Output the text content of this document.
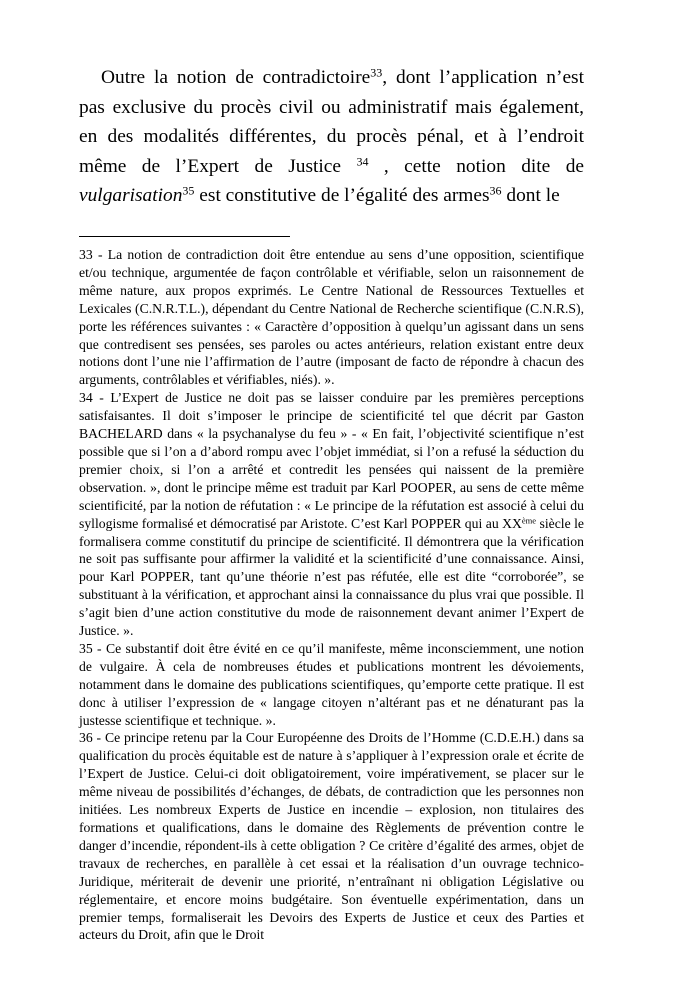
Outre la notion de contradictoire$^{33}$, dont l’application n’est pas exclusive du procès civil ou administratif mais également, en des modalités différentes, du procès pénal, et à l’endroit même de l’Expert de Justice $^{34}$ , cette notion dite de vulgarisation$^{35}$ est constitutive de l’égalité des armes$^{36}$ dont le

33 - La notion de contradiction doit être entendue au sens d’une opposition, scientifique et/ou technique, argumentée de façon contrôlable et vérifiable, selon un raisonnement de même nature, aux propos exprimés. Le Centre National de Ressources Textuelles et Lexicales (C.N.R.T.L.), dépendant du Centre National de Recherche scientifique (C.N.R.S), porte les références suivantes : « Caractère d’opposition à quelqu’un agissant dans un sens que contredisent ses pensées, ses paroles ou actes antérieurs, relation existant entre deux notions dont l’une nie l’affirmation de l’autre (imposant de facto de répondre à chacun des arguments, contrôlables et vérifiables, niés). ».

34 - L’Expert de Justice ne doit pas se laisser conduire par les premières perceptions satisfaisantes. Il doit s’imposer le principe de scientificité tel que décrit par Gaston BACHELARD dans « la psychanalyse du feu » - « En fait, l’objectivité scientifique n’est possible que si l’on a d’abord rompu avec l’objet immédiat, si l’on a refusé la séduction du premier choix, si l’on a arrêté et contredit les pensées qui naissent de la première observation. », dont le principe même est traduit par Karl POOPER, au sens de cette même scientificité, par la notion de réfutation : « Le principe de la réfutation est associé à celui du syllogisme formalisé et démocratisé par Aristote. C’est Karl POPPER qui au XXème siècle le formalisera comme constitutif du principe de scientificité. Il démontrera que la vérification ne soit pas suffisante pour affirmer la validité et la scientificité d’une connaissance. Ainsi, pour Karl POPPER, tant qu’une théorie n’est pas réfutée, elle est dite “corroborée”, se substituant à la vérification, et approchant ainsi la connaissance du plus vrai que possible. Il s’agit bien d’une action constitutive du mode de raisonnement devant animer l’Expert de Justice. ».

35 - Ce substantif doit être évité en ce qu’il manifeste, même inconsciemment, une notion de vulgaire. À cela de nombreuses études et publications montrent les dévoiements, notamment dans le domaine des publications scientifiques, qu’emporte cette pratique. Il est donc à utiliser l’expression de « langage citoyen n’altérant pas et ne dénaturant pas la justesse scientifique et technique. ».

36 - Ce principe retenu par la Cour Européenne des Droits de l’Homme (C.D.E.H.) dans sa qualification du procès équitable est de nature à s’appliquer à l’expression orale et écrite de l’Expert de Justice. Celui-ci doit obligatoirement, voire impérativement, se placer sur le même niveau de possibilités d’échanges, de débats, de contradiction que les personnes non initiées. Les nombreux Experts de Justice en incendie – explosion, non titulaires des formations et qualifications, dans le domaine des Règlements de prévention contre le danger d’incendie, répondent-ils à cette obligation ? Ce critère d’égalité des armes, objet de travaux de recherches, en parallèle à cet essai et la réalisation d’un ouvrage technico-Juridique, mériterait de devenir une priorité, n’entraînant ni obligation Législative ou réglementaire, et encore moins budgétaire. Son éventuelle expérimentation, dans un premier temps, formaliserait les Devoirs des Experts de Justice et ceux des Parties et acteurs du Droit, afin que le Droit
